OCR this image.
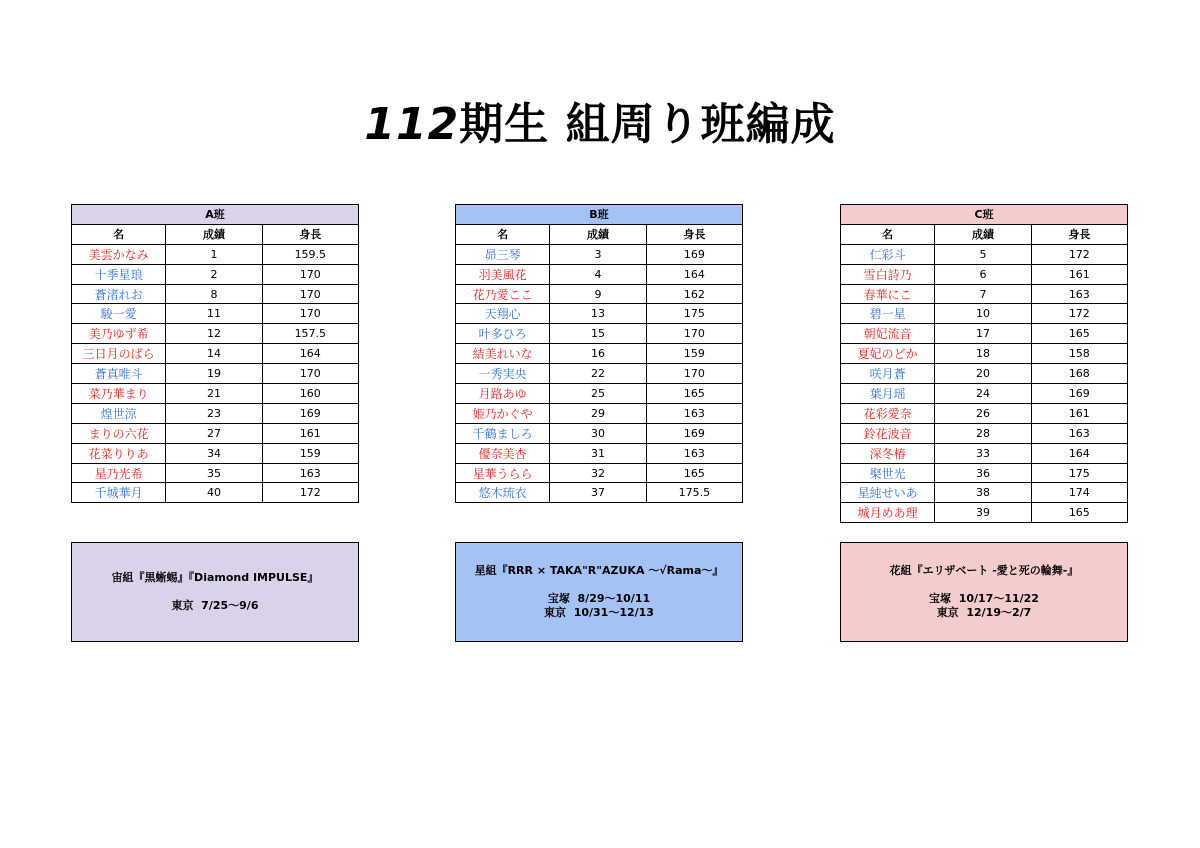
112期生 組周り班編成
A班		
名	成績	身長
美雲かなみ	1	159.5
十季星琅	2	170
蒼渚れお	8	170
駿一愛	11	170
美乃ゆず希	12	157.5
三日月のばら	14	164
蒼真唯斗	19	170
菜乃華まり	21	160
煌世涼	23	169
まりの六花	27	161
花菜りりあ	34	159
星乃光希	35	163
千城華月	40	172
B班		
名	成績	身長
昴三琴	3	169
羽美風花	4	164
花乃愛ここ	9	162
天翔心	13	175
叶多ひろ	15	170
結美れいな	16	159
一秀実央	22	170
月路あゆ	25	165
姫乃かぐや	29	163
千鶴ましろ	30	169
優奈美杏	31	163
星華うらら	32	165
悠木琉衣	37	175.5
C班		
名	成績	身長
仁彩斗	5	172
雪白詩乃	6	161
春華にこ	7	163
碧一星	10	172
朝妃流音	17	165
夏妃のどか	18	158
咲月蒼	20	168
葉月瑶	24	169
花彩愛奈	26	161
鈴花波音	28	163
深冬椿	33	164
棸世光	36	175
星純せいあ	38	174
城月めあ理	39	165
宙組『黒蜥蜴』『Diamond IMPULSE』
東京  7/25〜9/6
星組『RRR × TAKA"R"AZUKA 〜√Rama〜』
宝塚  8/29〜10/11
東京  10/31〜12/13
花組『エリザベート -愛と死の輪舞-』
宝塚  10/17〜11/22
東京  12/19〜2/7
